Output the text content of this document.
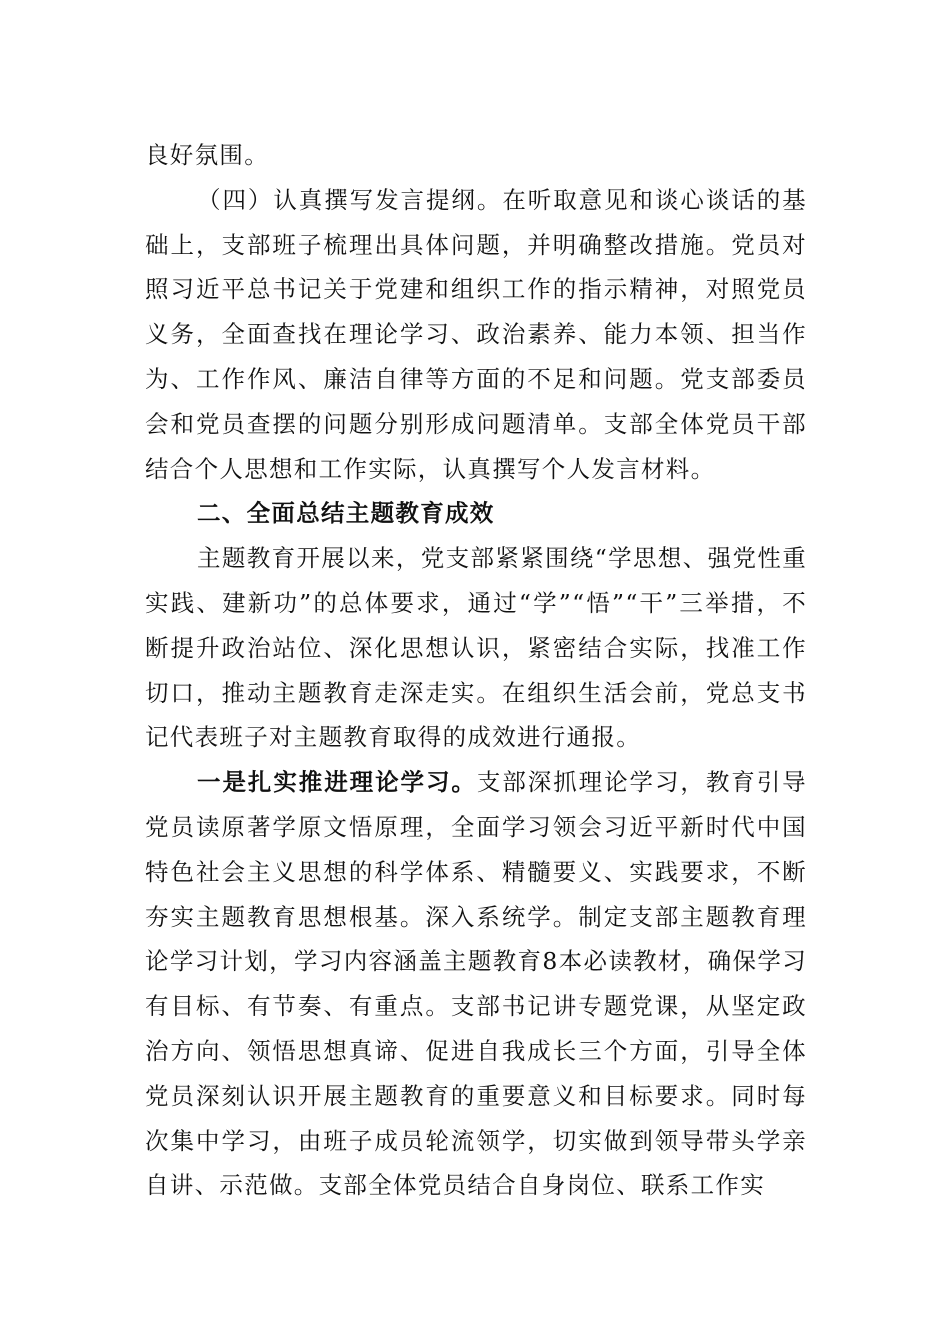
良好氛围。

（四）认真撰写发言提纲。在听取意见和谈心谈话的基础上，支部班子梳理出具体问题，并明确整改措施。党员对照习近平总书记关于党建和组织工作的指示精神，对照党员义务，全面查找在理论学习、政治素养、能力本领、担当作为、工作作风、廉洁自律等方面的不足和问题。党支部委员会和党员查摆的问题分别形成问题清单。支部全体党员干部结合个人思想和工作实际，认真撰写个人发言材料。

二、全面总结主题教育成效

主题教育开展以来，党支部紧紧围绕“学思想、强党性重实践、建新功”的总体要求，通过“学”“悟”“干”三举措，不断提升政治站位、深化思想认识，紧密结合实际，找准工作切口，推动主题教育走深走实。在组织生活会前，党总支书记代表班子对主题教育取得的成效进行通报。

一是扎实推进理论学习。支部深抓理论学习，教育引导党员读原著学原文悟原理，全面学习领会习近平新时代中国特色社会主义思想的科学体系、精髓要义、实践要求，不断夯实主题教育思想根基。深入系统学。制定支部主题教育理论学习计划，学习内容涵盖主题教育8本必读教材，确保学习有目标、有节奏、有重点。支部书记讲专题党课，从坚定政治方向、领悟思想真谛、促进自我成长三个方面，引导全体党员深刻认识开展主题教育的重要意义和目标要求。同时每次集中学习，由班子成员轮流领学，切实做到领导带头学亲自讲、示范做。支部全体党员结合自身岗位、联系工作实
